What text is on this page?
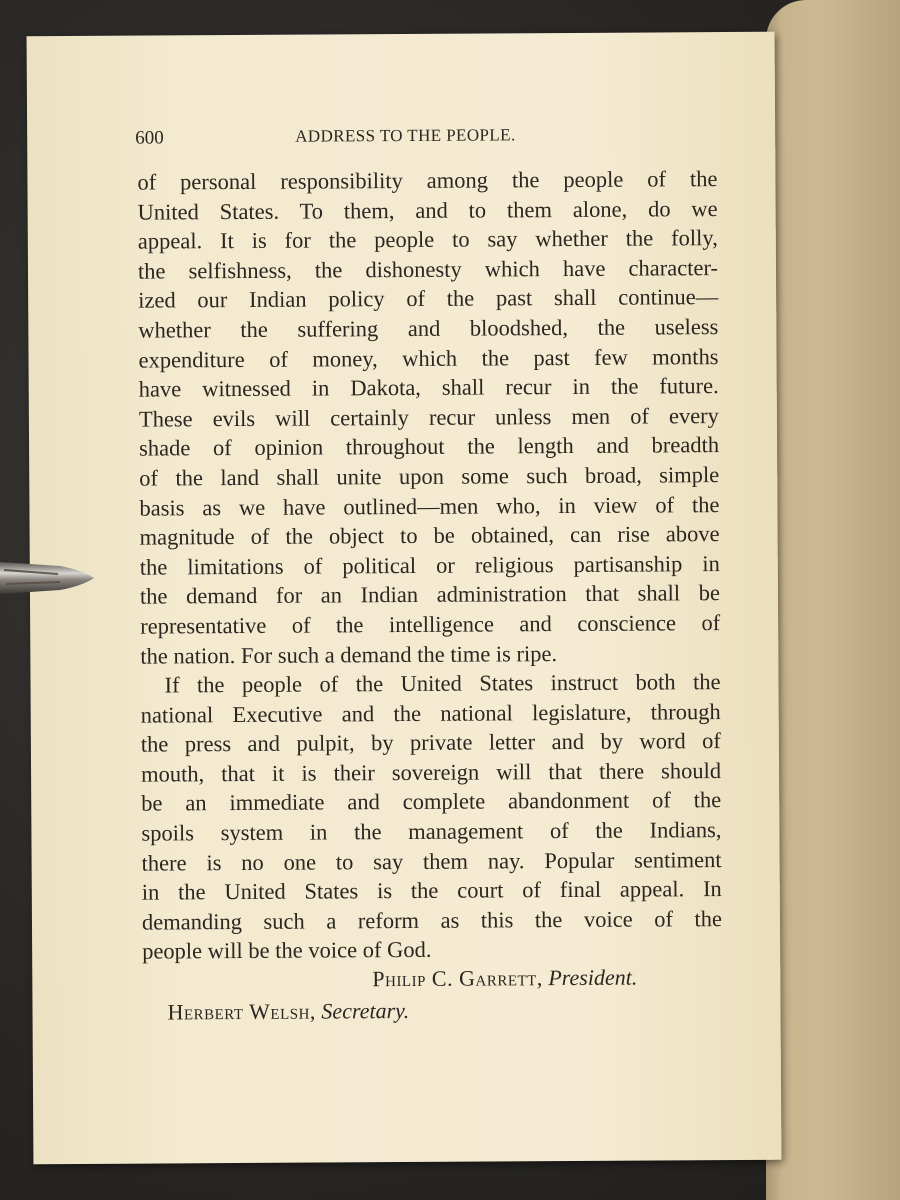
600	ADDRESS TO THE PEOPLE.
of personal responsibility among the people of the
United States. To them, and to them alone, do we
appeal. It is for the people to say whether the folly,
the selfishness, the dishonesty which have character-
ized our Indian policy of the past shall continue—
whether the suffering and bloodshed, the useless
expenditure of money, which the past few months
have witnessed in Dakota, shall recur in the future.
These evils will certainly recur unless men of every
shade of opinion throughout the length and breadth
of the land shall unite upon some such broad, simple
basis as we have outlined—men who, in view of the
magnitude of the object to be obtained, can rise above
the limitations of political or religious partisanship in
the demand for an Indian administration that shall be
representative of the intelligence and conscience of
the nation. For such a demand the time is ripe.
If the people of the United States instruct both the
national Executive and the national legislature, through
the press and pulpit, by private letter and by word of
mouth, that it is their sovereign will that there should
be an immediate and complete abandonment of the
spoils system in the management of the Indians,
there is no one to say them nay. Popular sentiment
in the United States is the court of final appeal. In
demanding such a reform as this the voice of the
people will be the voice of God.
Philip C. Garrett, President.
Herbert Welsh, Secretary.
